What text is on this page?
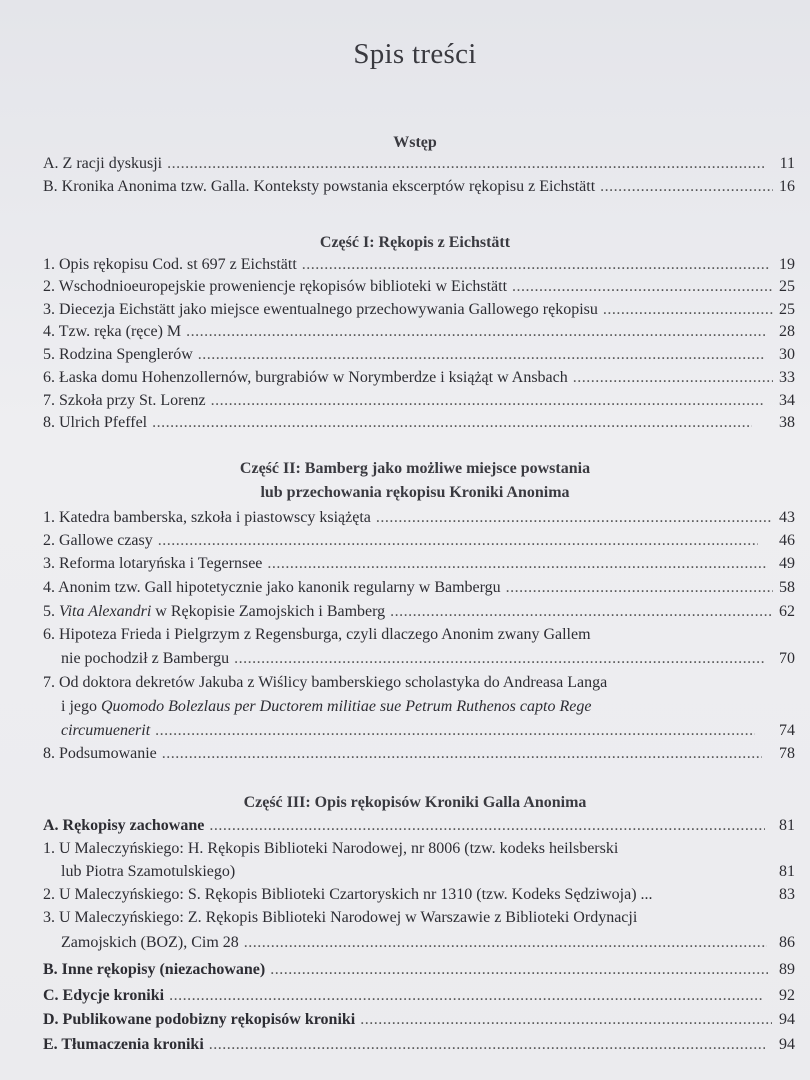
Spis treści
Wstęp
A. Z racji dyskusji .....	11
B. Kronika Anonima tzw. Galla. Konteksty powstania ekscerptów rękopisu z Eichstätt .....	16
Część I: Rękopis z Eichstätt
1. Opis rękopisu Cod. st 697 z Eichstätt .....	19
2. Wschodnioeuropejskie proweniencje rękopisów biblioteki w Eichstätt .....	25
3. Diecezja Eichstätt jako miejsce ewentualnego przechowywania Gallowego rękopisu .....	25
4. Tzw. ręka (ręce) M .....	28
5. Rodzina Spenglerów .....	30
6. Łaska domu Hohenzollernów, burgrabiów w Norymberdze i książąt w Ansbach .....	33
7. Szkoła przy St. Lorenz .....	34
8. Ulrich Pfeffel .....	38
Część II: Bamberg jako możliwe miejsce powstania
lub przechowania rękopisu Kroniki Anonima
1. Katedra bamberska, szkoła i piastowscy książęta .....	43
2. Gallowe czasy .....	46
3. Reforma lotaryńska i Tegernsee .....	49
4. Anonim tzw. Gall hipotetycznie jako kanonik regularny w Bambergu .....	58
5. Vita Alexandri w Rękopisie Zamojskich i Bamberg .....	62
6. Hipoteza Frieda i Pielgrzym z Regensburga, czyli dlaczego Anonim zwany Gallem
nie pochodził z Bambergu .....	70
7. Od doktora dekretów Jakuba z Wiślicy bamberskiego scholastyka do Andreasa Langa
i jego Quomodo Bolezlaus per Ductorem militiae sue Petrum Ruthenos capto Rege
circumuenerit .....	74
8. Podsumowanie .....	78
Część III: Opis rękopisów Kroniki Galla Anonima
A. Rękopisy zachowane .....	81
1. U Maleczyńskiego: H. Rękopis Biblioteki Narodowej, nr 8006 (tzw. kodeks heilsberski
lub Piotra Szamotulskiego)	81
2. U Maleczyńskiego: S. Rękopis Biblioteki Czartoryskich nr 1310 (tzw. Kodeks Sędziwoja) ...	83
3. U Maleczyńskiego: Z. Rękopis Biblioteki Narodowej w Warszawie z Biblioteki Ordynacji
Zamojskich (BOZ), Cim 28 .....	86
B. Inne rękopisy (niezachowane) .....	89
C. Edycje kroniki .....	92
D. Publikowane podobizny rękopisów kroniki .....	94
E. Tłumaczenia kroniki .....	94
